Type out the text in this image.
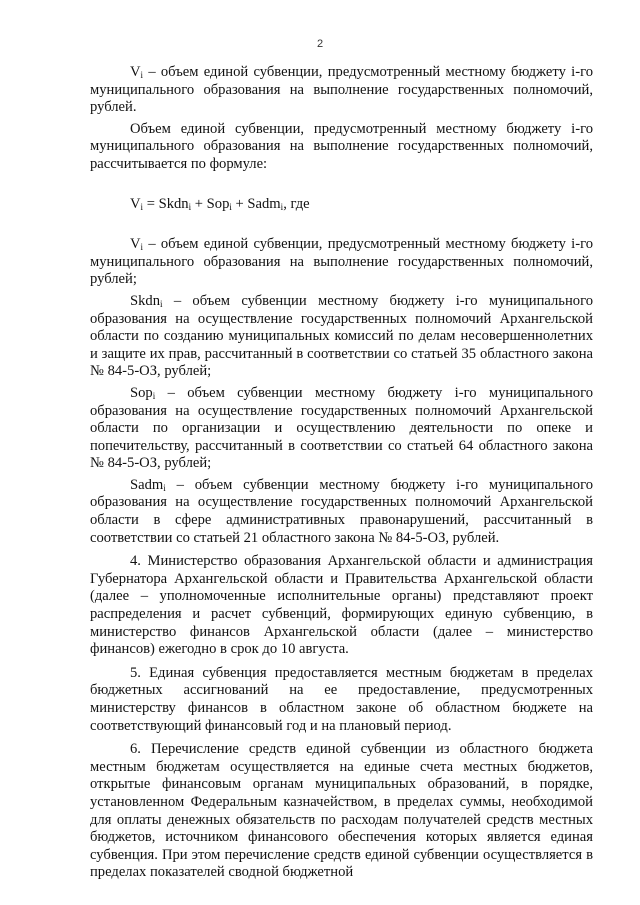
2

$V_i$ – объем единой субвенции, предусмотренный местному бюджету i-го муниципального образования на выполнение государственных полномочий, рублей.

Объем единой субвенции, предусмотренный местному бюджету i-го муниципального образования на выполнение государственных полномочий, рассчитывается по формуле:

$V_i$ = Skdn$_i$ + Sop$_i$ + Sadm$_i$, где

$V_i$ – объем единой субвенции, предусмотренный местному бюджету i-го муниципального образования на выполнение государственных полномочий, рублей;

Skdn$_i$ – объем субвенции местному бюджету i-го муниципального образования на осуществление государственных полномочий Архангельской области по созданию муниципальных комиссий по делам несовершеннолетних и защите их прав, рассчитанный в соответствии со статьей 35 областного закона № 84-5-ОЗ, рублей;

Sop$_i$ – объем субвенции местному бюджету i-го муниципального образования на осуществление государственных полномочий Архангельской области по организации и осуществлению деятельности по опеке и попечительству, рассчитанный в соответствии со статьей 64 областного закона № 84-5-ОЗ, рублей;

Sadm$_i$ – объем субвенции местному бюджету i-го муниципального образования на осуществление государственных полномочий Архангельской области в сфере административных правонарушений, рассчитанный в соответствии со статьей 21 областного закона № 84-5-ОЗ, рублей.

4. Министерство образования Архангельской области и администрация Губернатора Архангельской области и Правительства Архангельской области (далее – уполномоченные исполнительные органы) представляют проект распределения и расчет субвенций, формирующих единую субвенцию, в министерство финансов Архангельской области (далее – министерство финансов) ежегодно в срок до 10 августа.

5. Единая субвенция предоставляется местным бюджетам в пределах бюджетных ассигнований на ее предоставление, предусмотренных министерству финансов в областном законе об областном бюджете на соответствующий финансовый год и на плановый период.

6. Перечисление средств единой субвенции из областного бюджета местным бюджетам осуществляется на единые счета местных бюджетов, открытые финансовым органам муниципальных образований, в порядке, установленном Федеральным казначейством, в пределах суммы, необходимой для оплаты денежных обязательств по расходам получателей средств местных бюджетов, источником финансового обеспечения которых является единая субвенция. При этом перечисление средств единой субвенции осуществляется в пределах показателей сводной бюджетной
